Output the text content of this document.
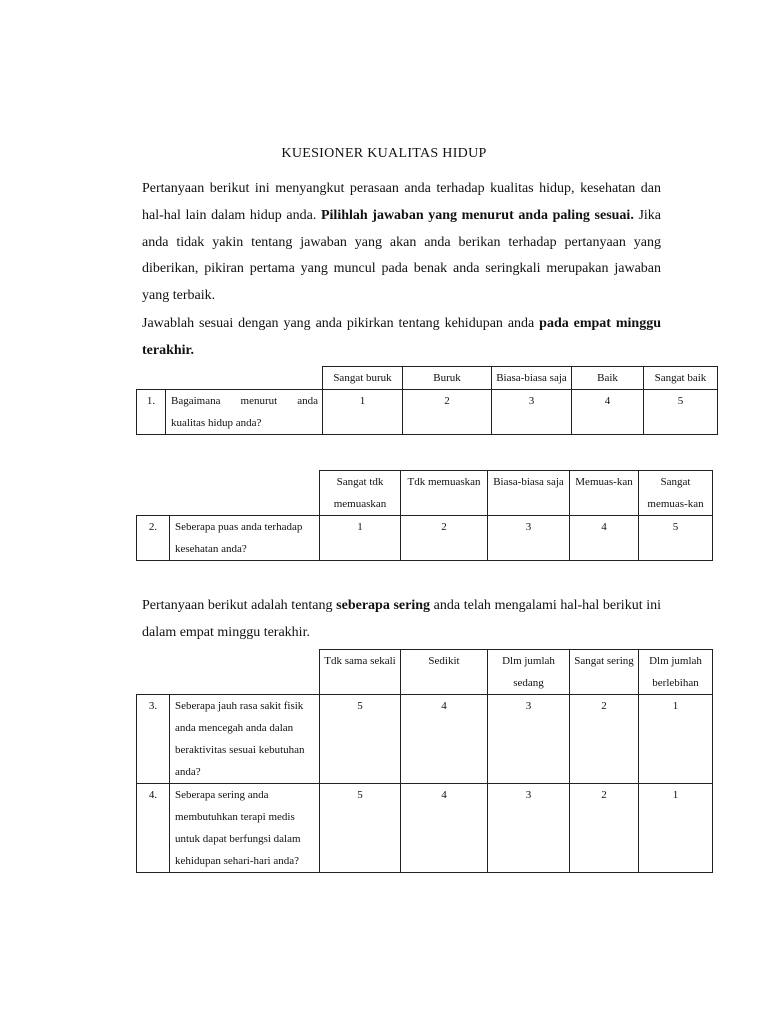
KUESIONER KUALITAS HIDUP
Pertanyaan berikut ini menyangkut perasaan anda terhadap kualitas hidup, kesehatan dan hal-hal lain dalam hidup anda. Pilihlah jawaban yang menurut anda paling sesuai. Jika anda tidak yakin tentang jawaban yang akan anda berikan terhadap pertanyaan yang diberikan, pikiran pertama yang muncul pada benak anda seringkali merupakan jawaban yang terbaik.
Jawablah sesuai dengan yang anda pikirkan tentang kehidupan anda pada empat minggu terakhir.
		Sangat buruk	Buruk	Biasa-biasa saja	Baik	Sangat baik
1.	Bagaimana menurut anda kualitas hidup anda?	1	2	3	4	5
		Sangat tdk memuaskan	Tdk memuaskan	Biasa-biasa saja	Memuas-kan	Sangat memuas-kan
2.	Seberapa puas anda terhadap kesehatan anda?	1	2	3	4	5
Pertanyaan berikut adalah tentang seberapa sering anda telah mengalami hal-hal berikut ini dalam empat minggu terakhir.
		Tdk sama sekali	Sedikit	Dlm jumlah sedang	Sangat sering	Dlm jumlah berlebihan
3.	Seberapa jauh rasa sakit fisik anda mencegah anda dalan beraktivitas sesuai kebutuhan anda?	5	4	3	2	1
4.	Seberapa sering anda membutuhkan terapi medis untuk dapat berfungsi dalam kehidupan sehari-hari anda?	5	4	3	2	1
